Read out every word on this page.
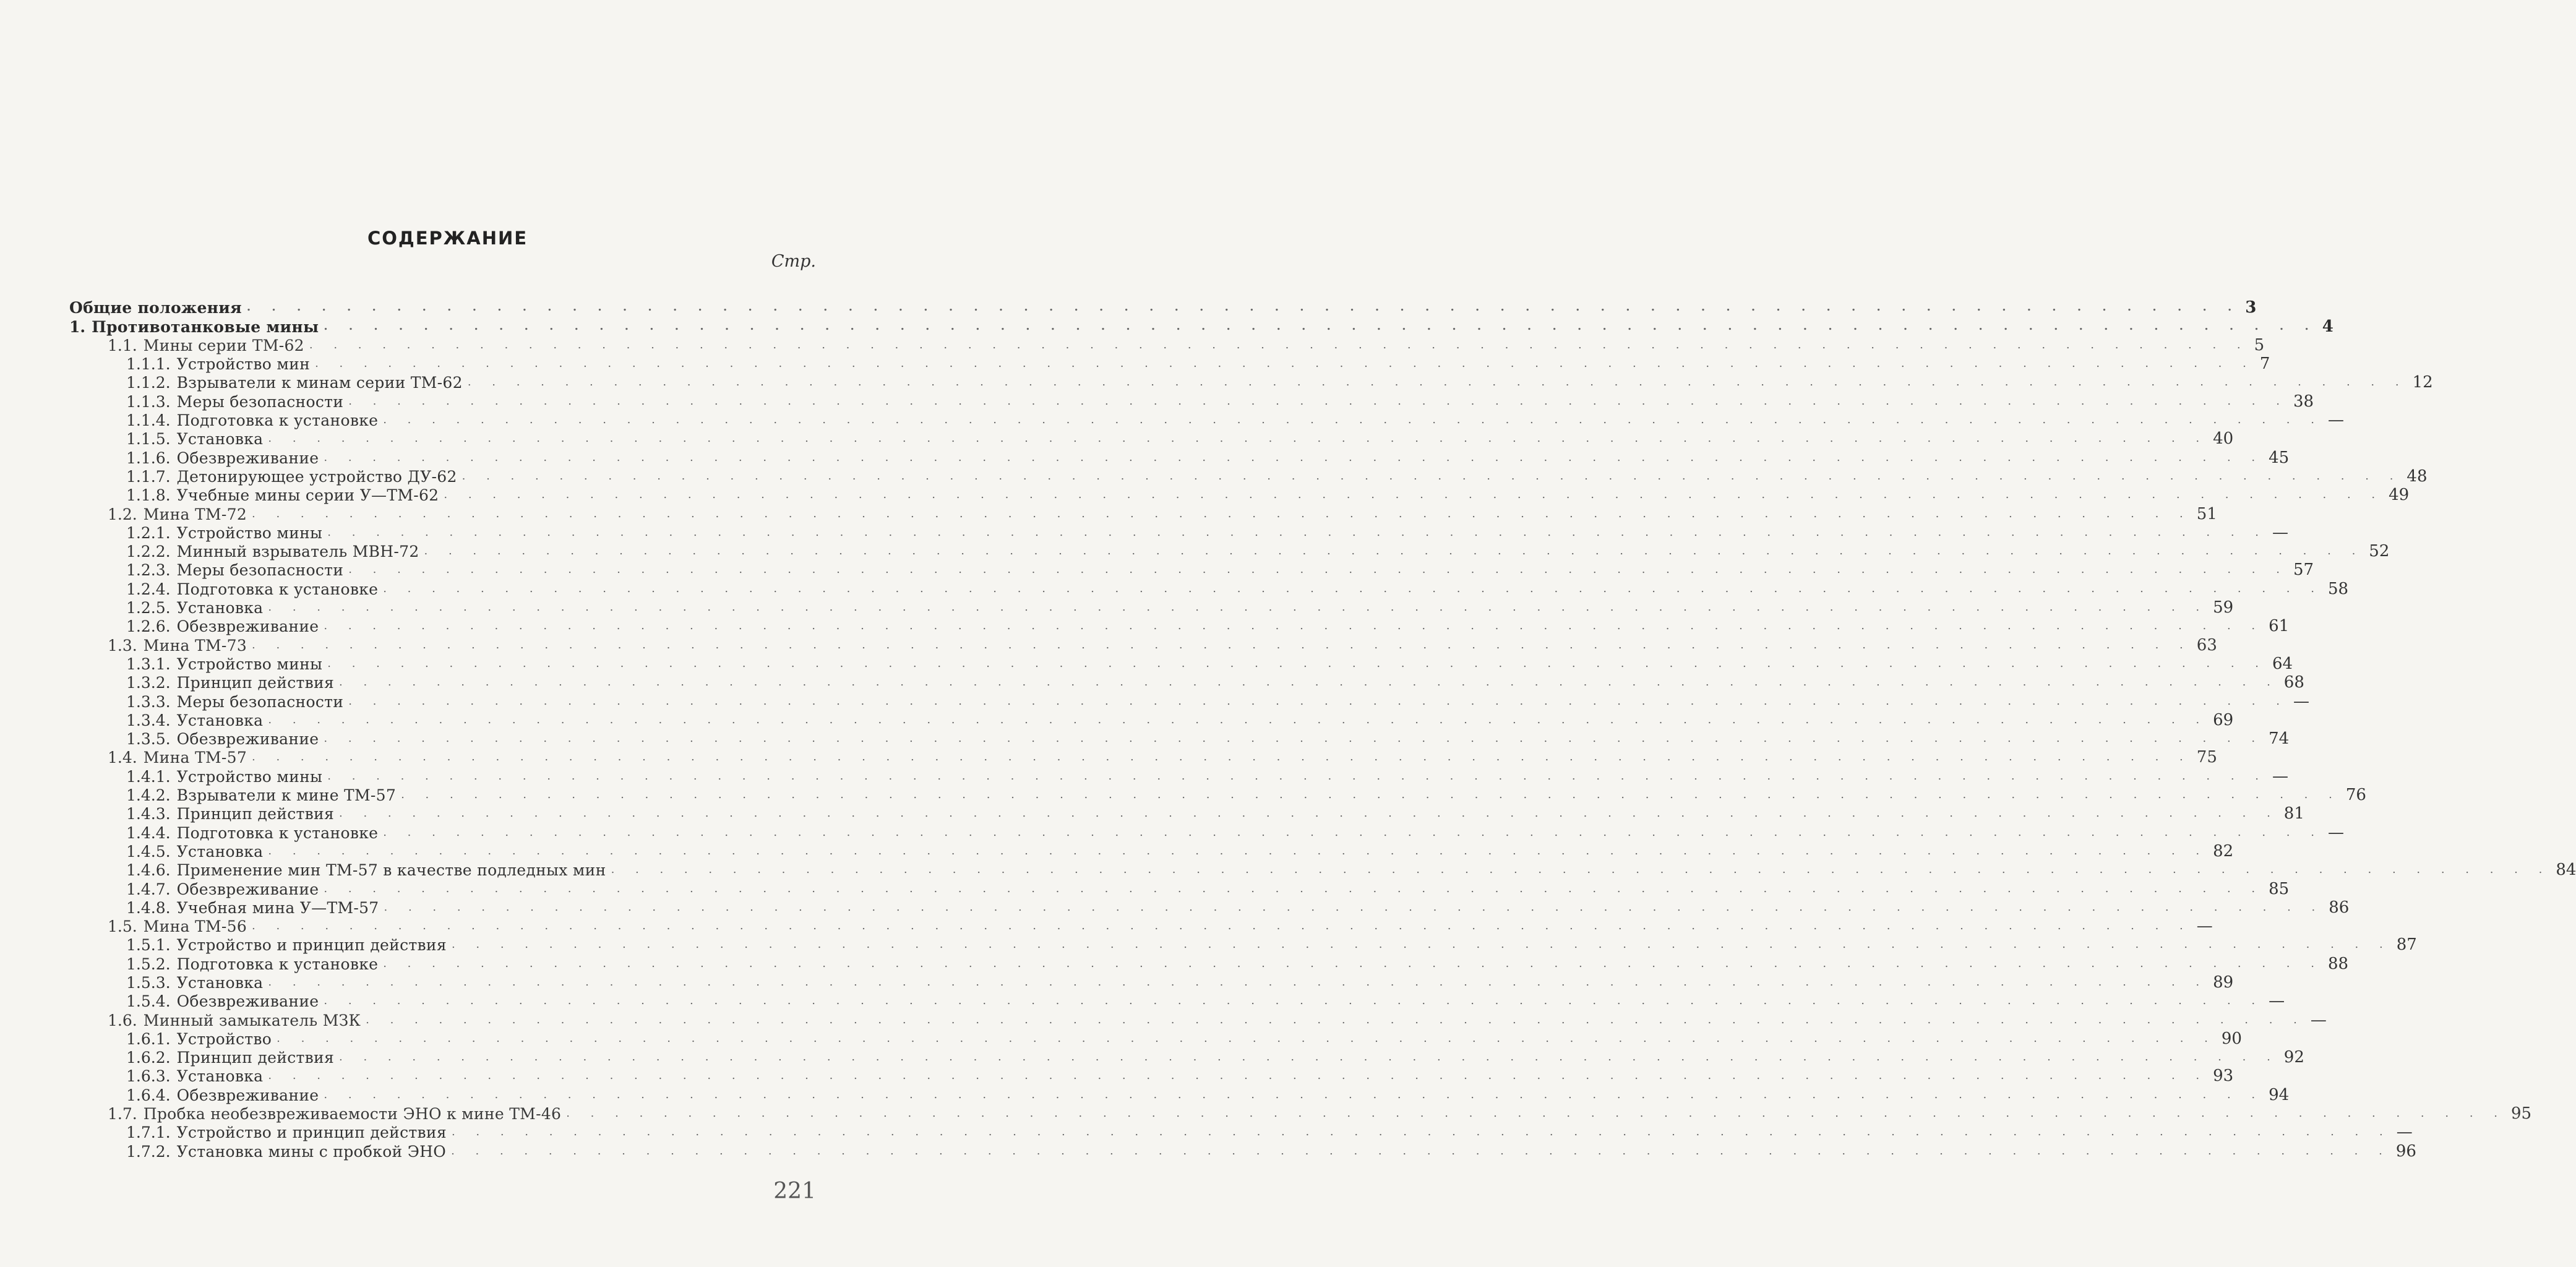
СОДЕРЖАНИЕ
Стр.
Общие положения . . . . . . . . . . . . . . . . . . . . . . . . . . . . . . . . . . . . . . . . . . . . . . . . . . . . . . . . . . . . . . . . . . . . . . . . . . . . . . . . 3
1. Противотанковые мины . . . . . . . . . . . . . . . . . . . . . . . . . . . . . . . . . . . . . . . . . . . . . . . . . . . . . . . . . . . . . . . . . . . . . . . . . . . . . . . . 4
1.1. Мины серии ТМ-62 . . . . . . . . . . . . . . . . . . . . . . . . . . . . . . . . . . . . . . . . . . . . . . . . . . . . . . . . . . . . . . . . . . . . . . . . . . . . . . . . 5
1.1.1. Устройство мин . . . . . . . . . . . . . . . . . . . . . . . . . . . . . . . . . . . . . . . . . . . . . . . . . . . . . . . . . . . . . . . . . . . . . . . . . . . . . . . . 7
1.1.2. Взрыватели к минам серии ТМ-62 . . . . . . . . . . . . . . . . . . . . . . . . . . . . . . . . . . . . . . . . . . . . . . . . . . . . . . . . . . . . . . . . . . . . . . . . . . . . . . . . 12
1.1.3. Меры безопасности . . . . . . . . . . . . . . . . . . . . . . . . . . . . . . . . . . . . . . . . . . . . . . . . . . . . . . . . . . . . . . . . . . . . . . . . . . . . . . . . 38
1.1.4. Подготовка к установке . . . . . . . . . . . . . . . . . . . . . . . . . . . . . . . . . . . . . . . . . . . . . . . . . . . . . . . . . . . . . . . . . . . . . . . . . . . . . . . . —
1.1.5. Установка . . . . . . . . . . . . . . . . . . . . . . . . . . . . . . . . . . . . . . . . . . . . . . . . . . . . . . . . . . . . . . . . . . . . . . . . . . . . . . . . 40
1.1.6. Обезвреживание . . . . . . . . . . . . . . . . . . . . . . . . . . . . . . . . . . . . . . . . . . . . . . . . . . . . . . . . . . . . . . . . . . . . . . . . . . . . . . . . 45
1.1.7. Детонирующее устройство ДУ-62 . . . . . . . . . . . . . . . . . . . . . . . . . . . . . . . . . . . . . . . . . . . . . . . . . . . . . . . . . . . . . . . . . . . . . . . . . . . . . . . . 48
1.1.8. Учебные мины серии У—ТМ-62 . . . . . . . . . . . . . . . . . . . . . . . . . . . . . . . . . . . . . . . . . . . . . . . . . . . . . . . . . . . . . . . . . . . . . . . . . . . . . . . . 49
1.2. Мина ТМ-72 . . . . . . . . . . . . . . . . . . . . . . . . . . . . . . . . . . . . . . . . . . . . . . . . . . . . . . . . . . . . . . . . . . . . . . . . . . . . . . . . 51
1.2.1. Устройство мины . . . . . . . . . . . . . . . . . . . . . . . . . . . . . . . . . . . . . . . . . . . . . . . . . . . . . . . . . . . . . . . . . . . . . . . . . . . . . . . . —
1.2.2. Минный взрыватель МВН-72 . . . . . . . . . . . . . . . . . . . . . . . . . . . . . . . . . . . . . . . . . . . . . . . . . . . . . . . . . . . . . . . . . . . . . . . . . . . . . . . . 52
1.2.3. Меры безопасности . . . . . . . . . . . . . . . . . . . . . . . . . . . . . . . . . . . . . . . . . . . . . . . . . . . . . . . . . . . . . . . . . . . . . . . . . . . . . . . . 57
1.2.4. Подготовка к установке . . . . . . . . . . . . . . . . . . . . . . . . . . . . . . . . . . . . . . . . . . . . . . . . . . . . . . . . . . . . . . . . . . . . . . . . . . . . . . . . 58
1.2.5. Установка . . . . . . . . . . . . . . . . . . . . . . . . . . . . . . . . . . . . . . . . . . . . . . . . . . . . . . . . . . . . . . . . . . . . . . . . . . . . . . . . 59
1.2.6. Обезвреживание . . . . . . . . . . . . . . . . . . . . . . . . . . . . . . . . . . . . . . . . . . . . . . . . . . . . . . . . . . . . . . . . . . . . . . . . . . . . . . . . 61
1.3. Мина ТМ-73 . . . . . . . . . . . . . . . . . . . . . . . . . . . . . . . . . . . . . . . . . . . . . . . . . . . . . . . . . . . . . . . . . . . . . . . . . . . . . . . . 63
1.3.1. Устройство мины . . . . . . . . . . . . . . . . . . . . . . . . . . . . . . . . . . . . . . . . . . . . . . . . . . . . . . . . . . . . . . . . . . . . . . . . . . . . . . . . 64
1.3.2. Принцип действия . . . . . . . . . . . . . . . . . . . . . . . . . . . . . . . . . . . . . . . . . . . . . . . . . . . . . . . . . . . . . . . . . . . . . . . . . . . . . . . . 68
1.3.3. Меры безопасности . . . . . . . . . . . . . . . . . . . . . . . . . . . . . . . . . . . . . . . . . . . . . . . . . . . . . . . . . . . . . . . . . . . . . . . . . . . . . . . . —
1.3.4. Установка . . . . . . . . . . . . . . . . . . . . . . . . . . . . . . . . . . . . . . . . . . . . . . . . . . . . . . . . . . . . . . . . . . . . . . . . . . . . . . . . 69
1.3.5. Обезвреживание . . . . . . . . . . . . . . . . . . . . . . . . . . . . . . . . . . . . . . . . . . . . . . . . . . . . . . . . . . . . . . . . . . . . . . . . . . . . . . . . 74
1.4. Мина ТМ-57 . . . . . . . . . . . . . . . . . . . . . . . . . . . . . . . . . . . . . . . . . . . . . . . . . . . . . . . . . . . . . . . . . . . . . . . . . . . . . . . . 75
1.4.1. Устройство мины . . . . . . . . . . . . . . . . . . . . . . . . . . . . . . . . . . . . . . . . . . . . . . . . . . . . . . . . . . . . . . . . . . . . . . . . . . . . . . . . —
1.4.2. Взрыватели к мине ТМ-57 . . . . . . . . . . . . . . . . . . . . . . . . . . . . . . . . . . . . . . . . . . . . . . . . . . . . . . . . . . . . . . . . . . . . . . . . . . . . . . . . 76
1.4.3. Принцип действия . . . . . . . . . . . . . . . . . . . . . . . . . . . . . . . . . . . . . . . . . . . . . . . . . . . . . . . . . . . . . . . . . . . . . . . . . . . . . . . . 81
1.4.4. Подготовка к установке . . . . . . . . . . . . . . . . . . . . . . . . . . . . . . . . . . . . . . . . . . . . . . . . . . . . . . . . . . . . . . . . . . . . . . . . . . . . . . . . —
1.4.5. Установка . . . . . . . . . . . . . . . . . . . . . . . . . . . . . . . . . . . . . . . . . . . . . . . . . . . . . . . . . . . . . . . . . . . . . . . . . . . . . . . . 82
1.4.6. Применение мин ТМ-57 в качестве подледных мин . . . . . . . . . . . . . . . . . . . . . . . . . . . . . . . . . . . . . . . . . . . . . . . . . . . . . . . . . . . . . . . . . . . . . . . . . . . . . . . . 84
1.4.7. Обезвреживание . . . . . . . . . . . . . . . . . . . . . . . . . . . . . . . . . . . . . . . . . . . . . . . . . . . . . . . . . . . . . . . . . . . . . . . . . . . . . . . . 85
1.4.8. Учебная мина У—ТМ-57 . . . . . . . . . . . . . . . . . . . . . . . . . . . . . . . . . . . . . . . . . . . . . . . . . . . . . . . . . . . . . . . . . . . . . . . . . . . . . . . . 86
1.5. Мина ТМ-56 . . . . . . . . . . . . . . . . . . . . . . . . . . . . . . . . . . . . . . . . . . . . . . . . . . . . . . . . . . . . . . . . . . . . . . . . . . . . . . . . —
1.5.1. Устройство и принцип действия . . . . . . . . . . . . . . . . . . . . . . . . . . . . . . . . . . . . . . . . . . . . . . . . . . . . . . . . . . . . . . . . . . . . . . . . . . . . . . . . 87
1.5.2. Подготовка к установке . . . . . . . . . . . . . . . . . . . . . . . . . . . . . . . . . . . . . . . . . . . . . . . . . . . . . . . . . . . . . . . . . . . . . . . . . . . . . . . . 88
1.5.3. Установка . . . . . . . . . . . . . . . . . . . . . . . . . . . . . . . . . . . . . . . . . . . . . . . . . . . . . . . . . . . . . . . . . . . . . . . . . . . . . . . . 89
1.5.4. Обезвреживание . . . . . . . . . . . . . . . . . . . . . . . . . . . . . . . . . . . . . . . . . . . . . . . . . . . . . . . . . . . . . . . . . . . . . . . . . . . . . . . . —
1.6. Минный замыкатель МЗК . . . . . . . . . . . . . . . . . . . . . . . . . . . . . . . . . . . . . . . . . . . . . . . . . . . . . . . . . . . . . . . . . . . . . . . . . . . . . . . . —
1.6.1. Устройство . . . . . . . . . . . . . . . . . . . . . . . . . . . . . . . . . . . . . . . . . . . . . . . . . . . . . . . . . . . . . . . . . . . . . . . . . . . . . . . . 90
1.6.2. Принцип действия . . . . . . . . . . . . . . . . . . . . . . . . . . . . . . . . . . . . . . . . . . . . . . . . . . . . . . . . . . . . . . . . . . . . . . . . . . . . . . . . 92
1.6.3. Установка . . . . . . . . . . . . . . . . . . . . . . . . . . . . . . . . . . . . . . . . . . . . . . . . . . . . . . . . . . . . . . . . . . . . . . . . . . . . . . . . 93
1.6.4. Обезвреживание . . . . . . . . . . . . . . . . . . . . . . . . . . . . . . . . . . . . . . . . . . . . . . . . . . . . . . . . . . . . . . . . . . . . . . . . . . . . . . . . 94
1.7. Пробка необезвреживаемости ЭНО к мине ТМ-46 . . . . . . . . . . . . . . . . . . . . . . . . . . . . . . . . . . . . . . . . . . . . . . . . . . . . . . . . . . . . . . . . . . . . . . . . . . . . . . . . 95
1.7.1. Устройство и принцип действия . . . . . . . . . . . . . . . . . . . . . . . . . . . . . . . . . . . . . . . . . . . . . . . . . . . . . . . . . . . . . . . . . . . . . . . . . . . . . . . . —
1.7.2. Установка мины с пробкой ЭНО . . . . . . . . . . . . . . . . . . . . . . . . . . . . . . . . . . . . . . . . . . . . . . . . . . . . . . . . . . . . . . . . . . . . . . . . . . . . . . . . 96
221
